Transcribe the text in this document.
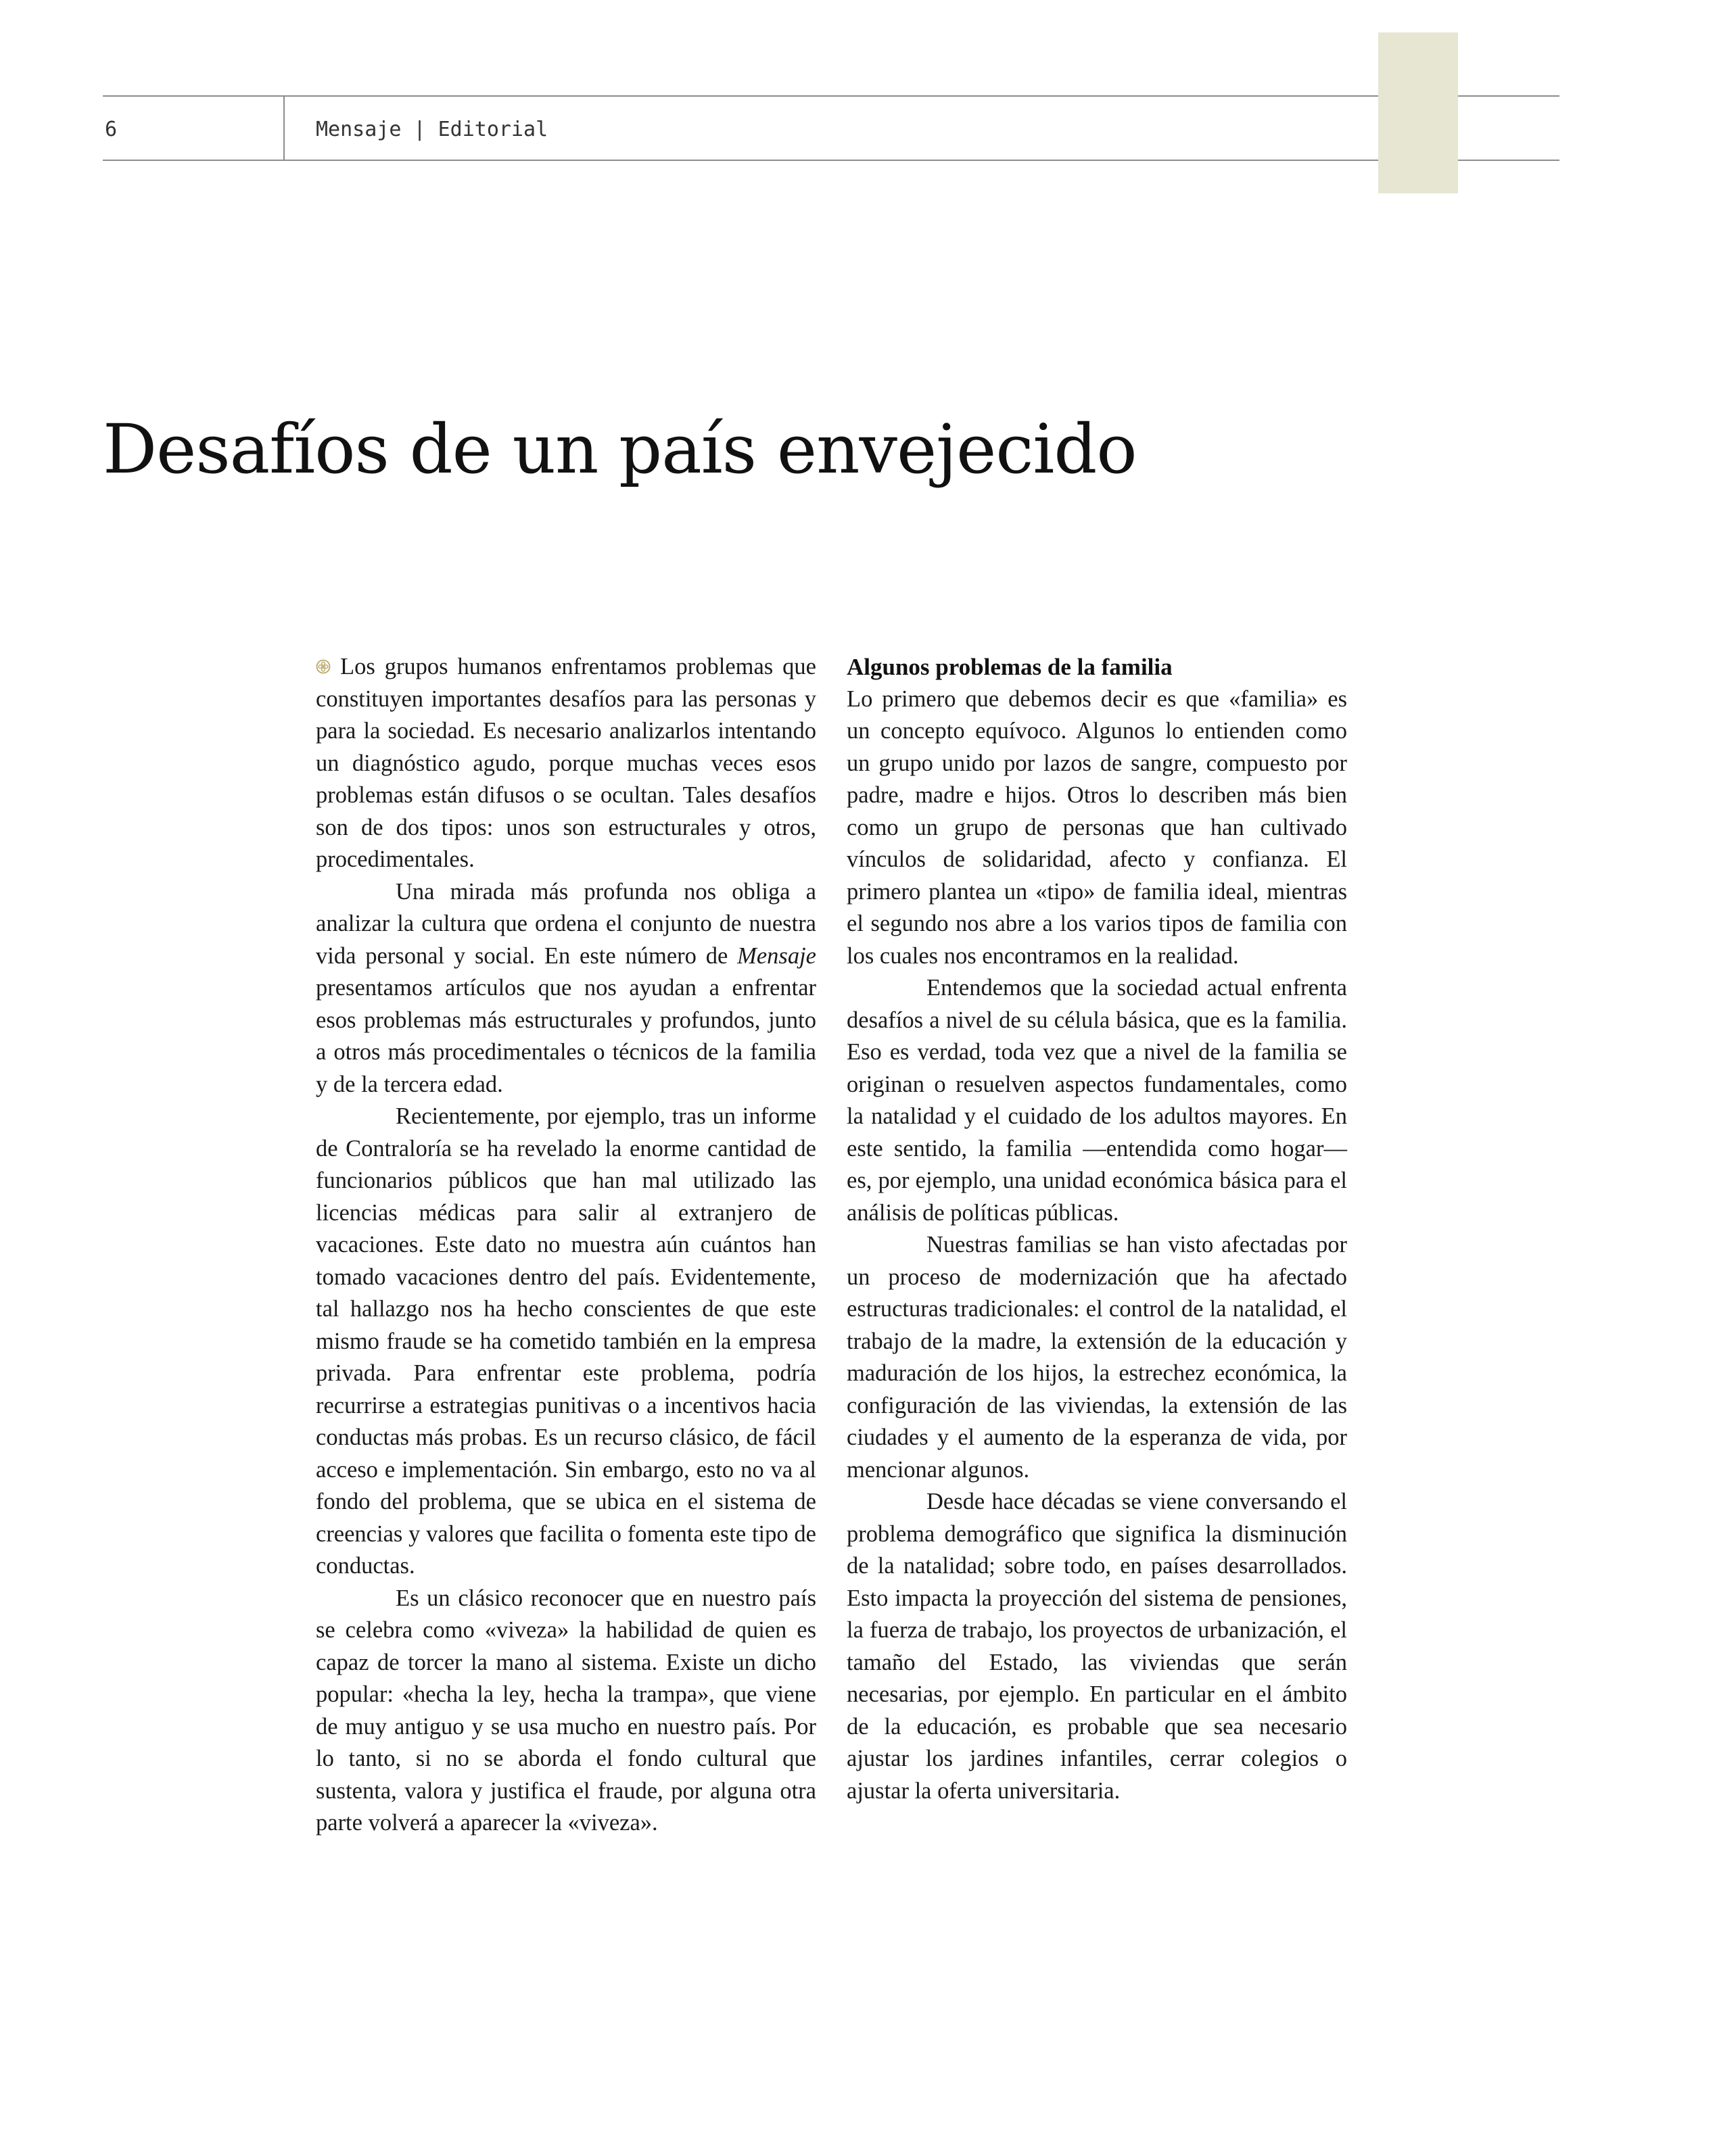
6	Mensaje | Editorial
Desafíos de un país envejecido

Los grupos humanos enfrentamos problemas que constituyen importantes desafíos para las personas y para la sociedad. Es necesario analizarlos intentando un diagnóstico agudo, porque muchas veces esos problemas están difusos o se ocultan. Tales desafíos son de dos tipos: unos son estructurales y otros, procedimentales.

Una mirada más profunda nos obliga a analizar la cultura que ordena el conjunto de nuestra vida personal y social. En este número de Mensaje presentamos artículos que nos ayudan a enfrentar esos problemas más estructurales y profundos, junto a otros más procedimentales o técnicos de la familia y de la tercera edad.

Recientemente, por ejemplo, tras un informe de Contraloría se ha revelado la enorme cantidad de funcionarios públicos que han mal utilizado las licencias médicas para salir al extranjero de vacaciones. Este dato no muestra aún cuántos han tomado vacaciones dentro del país. Evidentemente, tal hallazgo nos ha hecho conscientes de que este mismo fraude se ha cometido también en la empresa privada. Para enfrentar este problema, podría recurrirse a estrategias punitivas o a incentivos hacia conductas más probas. Es un recurso clásico, de fácil acceso e implementación. Sin embargo, esto no va al fondo del problema, que se ubica en el sistema de creencias y valores que facilita o fomenta este tipo de conductas.

Es un clásico reconocer que en nuestro país se celebra como «viveza» la habilidad de quien es capaz de torcer la mano al sistema. Existe un dicho popular: «hecha la ley, hecha la trampa», que viene de muy antiguo y se usa mucho en nuestro país. Por lo tanto, si no se aborda el fondo cultural que sustenta, valora y justifica el fraude, por alguna otra parte volverá a aparecer la «viveza».

Algunos problemas de la familia

Lo primero que debemos decir es que «familia» es un concepto equívoco. Algunos lo entienden como un grupo unido por lazos de sangre, compuesto por padre, madre e hijos. Otros lo describen más bien como un grupo de personas que han cultivado vínculos de solidaridad, afecto y confianza. El primero plantea un «tipo» de familia ideal, mientras el segundo nos abre a los varios tipos de familia con los cuales nos encontramos en la realidad.

Entendemos que la sociedad actual enfrenta desafíos a nivel de su célula básica, que es la familia. Eso es verdad, toda vez que a nivel de la familia se originan o resuelven aspectos fundamentales, como la natalidad y el cuidado de los adultos mayores. En este sentido, la familia —entendida como hogar— es, por ejemplo, una unidad económica básica para el análisis de políticas públicas.

Nuestras familias se han visto afectadas por un proceso de modernización que ha afectado estructuras tradicionales: el control de la natalidad, el trabajo de la madre, la extensión de la educación y maduración de los hijos, la estrechez económica, la configuración de las viviendas, la extensión de las ciudades y el aumento de la esperanza de vida, por mencionar algunos.

Desde hace décadas se viene conversando el problema demográfico que significa la disminución de la natalidad; sobre todo, en países desarrollados. Esto impacta la proyección del sistema de pensiones, la fuerza de trabajo, los proyectos de urbanización, el tamaño del Estado, las viviendas que serán necesarias, por ejemplo. En particular en el ámbito de la educación, es probable que sea necesario ajustar los jardines infantiles, cerrar colegios o ajustar la oferta universitaria.
